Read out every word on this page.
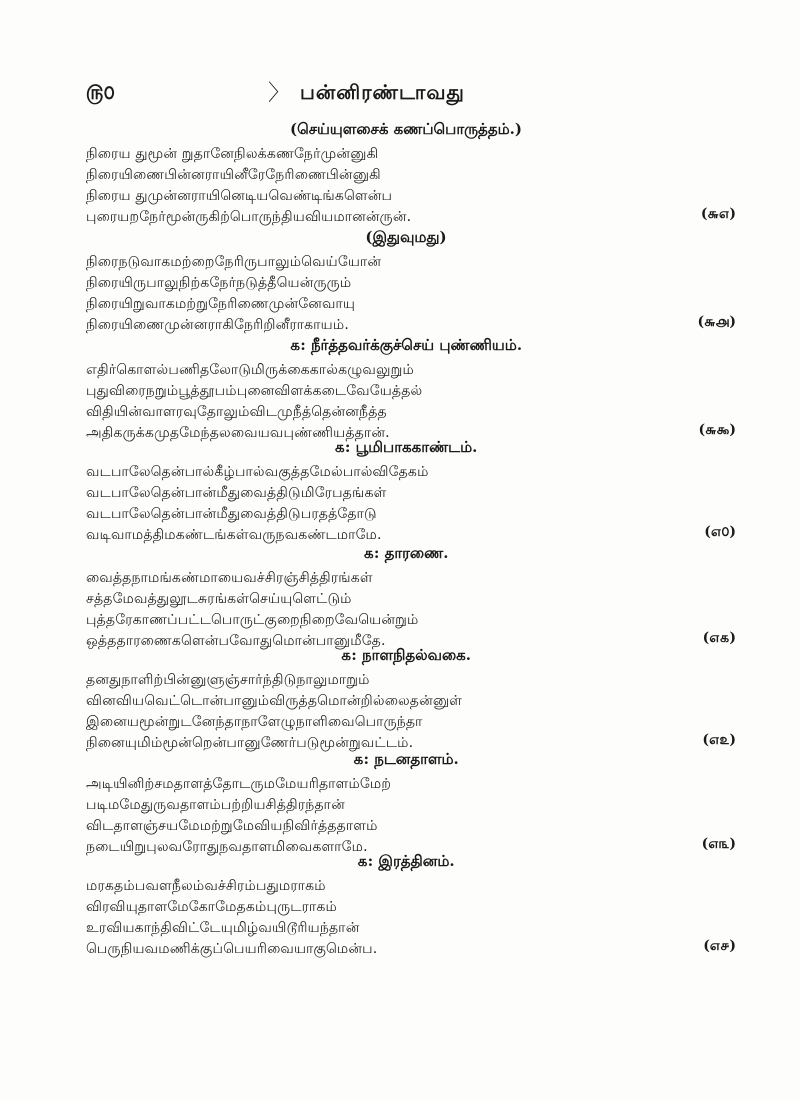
௫௦	〉 பன்னிரண்டாவது
(செய்யுளசைக் கணப்பொருத்தம்.)
நிரைய துமூன் றுதானேநிலக்கணநேர்முன்னுகி
நிரையிணைபின்னராயினீரேநேரிணைபின்னுகி
நிரைய துமுன்னராயினெடியவெண்டிங்களென்ப
புரையறநேர்மூன்ருகிற்பொருந்தியவியமானன்ருன்.	(௬௭)
(இதுவுமது)
நிரைநடுவாகமற்றைநேரிருபாலும்வெய்யோன்
நிரையிருபாலுநிற்கநேர்நடுத்தீயென்ருரும்
நிரையிறுவாகமற்றுநேரிணைமுன்னேவாயு
நிரையிணைமுன்னராகிநேரிறினீராகாயம்.	(௬௮)
௧: நீர்த்தவர்க்குச்செய் புண்ணியம்.
எதிர்கொளல்பணிதலோடுமிருக்கைகால்கழுவலுறும்
புதுவிரைநறும்பூத்தூபம்புனைவிளக்கடைவேயேத்தல்
விதியின்வாளரவுதோலும்விடமுநீத்தென்னநீத்த
அதிகருக்கமுதமேந்தலவையவபுண்ணியத்தான்.	(௬௯)
௧: பூமிபாககாண்டம்.
வடபாலேதென்பால்கீழ்பால்வகுத்தமேல்பால்விதேகம்
வடபாலேதென்பான்மீதுவைத்திடுமிரேபதங்கள்
வடபாலேதென்பான்மீதுவைத்திடுபரதத்தோடு
வடிவாமத்திமகண்டங்கள்வருநவகண்டமாமே.	(௭௦)
௧: தாரணை.
வைத்தநாமங்கண்மாயைவச்சிரஞ்சித்திரங்கள்
சத்தமேவத்துலூடசுரங்கள்செய்யுளெட்டும்
புத்தரேகாணப்பட்டபொருட்குறைநிறைவேயென்றும்
ஒத்ததாரணைகளென்பவோதுமொன்பானுமீதே.	(௭௧)
௧: நாளநிதல்வகை.
தனதுநாளிற்பின்னுளுஞ்சார்ந்திடுநாலுமாறும்
வினவியவெட்டொன்பானும்விருத்தமொன்றில்லைதன்னுள்
இனையமூன்றுடனேந்தாநாளேழுநாளிவைபொருந்தா
நினையுமிம்மூன்றென்பானுணேர்படுமூன்றுவட்டம்.	(௭௨)
௧: நடனதாளம்.
அடியினிற்சமதாளத்தோடருமமேயரிதாளம்மேற்
படிமமேதுருவதாளம்பற்றியசித்திரந்தான்
விடதாளஞ்சயமேமற்றுமேவியநிவிர்த்ததாளம்
நடையிறுபுலவரோதுநவதாளமிவைகளாமே.	(௭௩)
௧: இரத்தினம்.
மரகதம்பவளநீலம்வச்சிரம்பதுமராகம்
விரவியுதாளமேகோமேதகம்புருடராகம்
உரவியகாந்திவிட்டேயுமிழ்வயிடூரியந்தான்
பெருநியவமணிக்குப்பெயரிவையாகுமென்ப.	(௭௪)
